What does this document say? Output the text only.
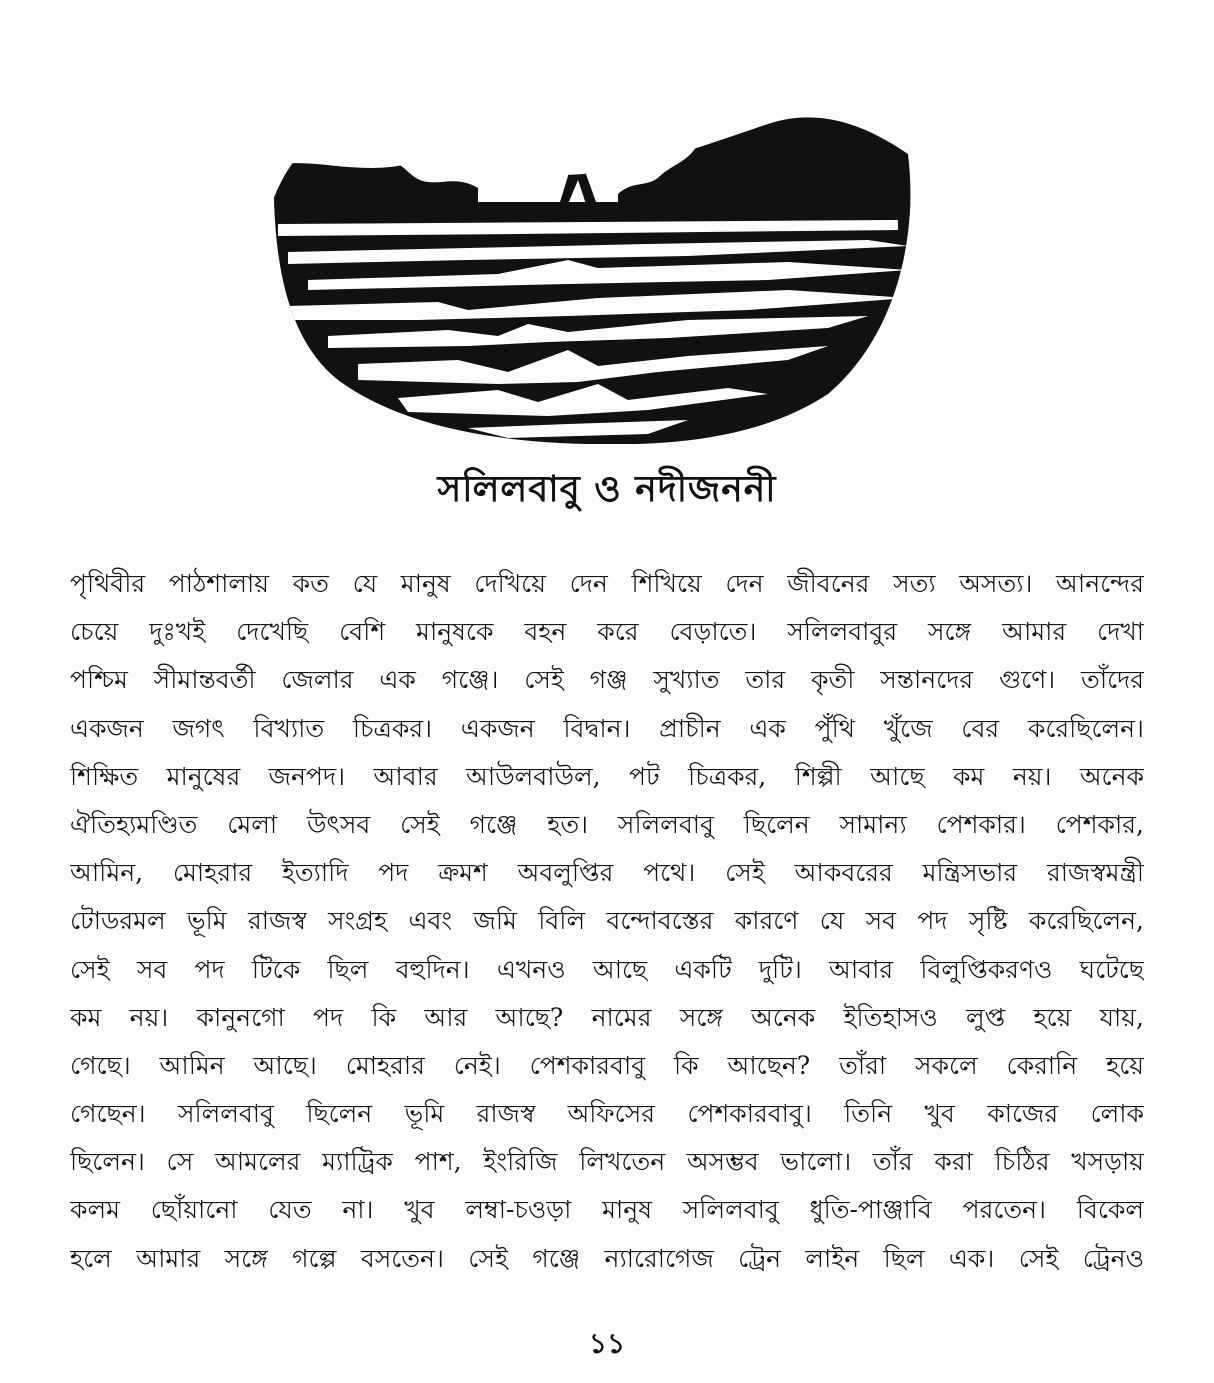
সলিলবাবু ও নদীজননী
পৃথিবীর পাঠশালায় কত যে মানুষ দেখিয়ে দেন শিখিয়ে দেন জীবনের সত্য অসত্য। আনন্দের
চেয়ে দুঃখই দেখেছি বেশি মানুষকে বহন করে বেড়াতে। সলিলবাবুর সঙ্গে আমার দেখা
পশ্চিম সীমান্তবর্তী জেলার এক গঞ্জে। সেই গঞ্জ সুখ্যাত তার কৃতী সন্তানদের গুণে। তাঁদের
একজন জগৎ বিখ্যাত চিত্রকর। একজন বিদ্বান। প্রাচীন এক পুঁথি খুঁজে বের করেছিলেন।
শিক্ষিত মানুষের জনপদ। আবার আউলবাউল, পট চিত্রকর, শিল্পী আছে কম নয়। অনেক
ঐতিহ্যমণ্ডিত মেলা উৎসব সেই গঞ্জে হত। সলিলবাবু ছিলেন সামান্য পেশকার। পেশকার,
আমিন, মোহরার ইত্যাদি পদ ক্রমশ অবলুপ্তির পথে। সেই আকবরের মন্ত্রিসভার রাজস্বমন্ত্রী
টোডরমল ভূমি রাজস্ব সংগ্রহ এবং জমি বিলি বন্দোবস্তের কারণে যে সব পদ সৃষ্টি করেছিলেন,
সেই সব পদ টিকে ছিল বহুদিন। এখনও আছে একটি দুটি। আবার বিলুপ্তিকরণও ঘটেছে
কম নয়। কানুনগো পদ কি আর আছে? নামের সঙ্গে অনেক ইতিহাসও লুপ্ত হয়ে যায়,
গেছে। আমিন আছে। মোহরার নেই। পেশকারবাবু কি আছেন? তাঁরা সকলে কেরানি হয়ে
গেছেন। সলিলবাবু ছিলেন ভূমি রাজস্ব অফিসের পেশকারবাবু। তিনি খুব কাজের লোক
ছিলেন। সে আমলের ম্যাট্রিক পাশ, ইংরিজি লিখতেন অসম্ভব ভালো। তাঁর করা চিঠির খসড়ায়
কলম ছোঁয়ানো যেত না। খুব লম্বা-চওড়া মানুষ সলিলবাবু ধুতি-পাঞ্জাবি পরতেন। বিকেল
হলে আমার সঙ্গে গল্পে বসতেন। সেই গঞ্জে ন্যারোগেজ ট্রেন লাইন ছিল এক। সেই ট্রেনও
১১
